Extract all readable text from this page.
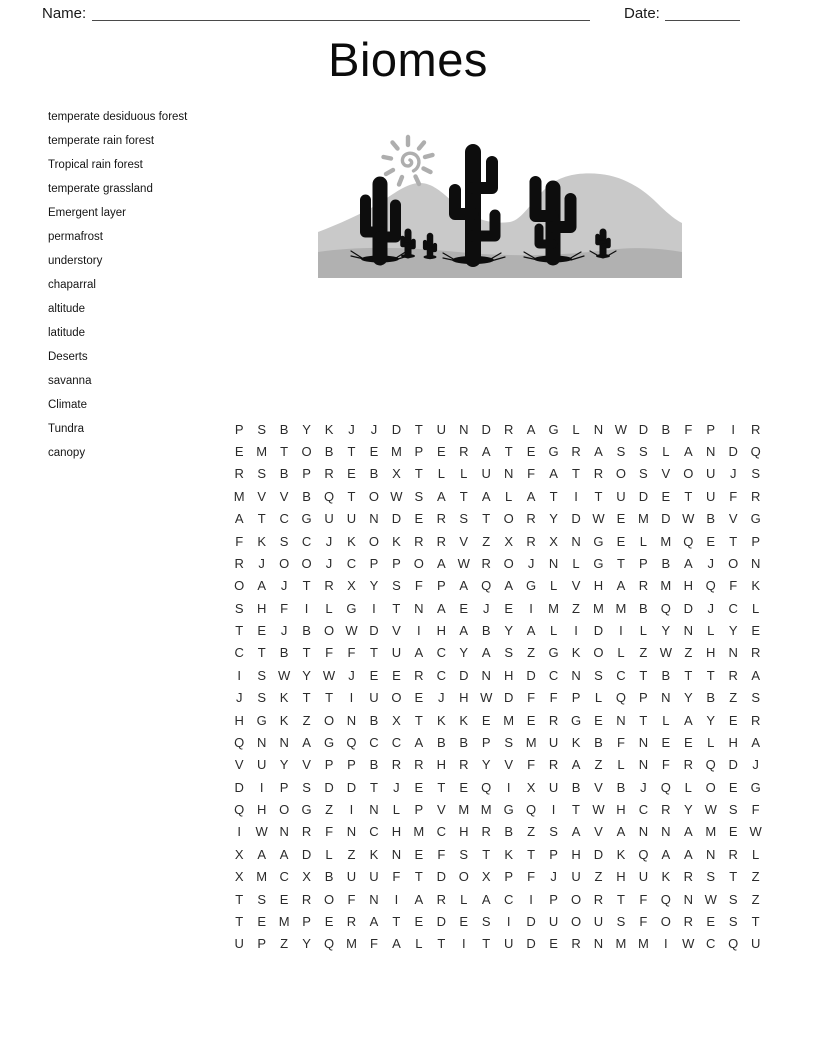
Name:	Date:
Biomes
temperate desiduous forest
temperate rain forest
Tropical rain forest
temperate grassland
Emergent layer
permafrost
understory
chaparral
altitude
latitude
Deserts
savanna
Climate
Tundra
canopy
P	S	B	Y	K	J	J	D	T	U	N	D	R	A	G	L	N W D	B	F	P	I	R
E M	T	O	B	T	E M P	E	R	A	T	E	G R	A	S	S	L	A	N	D Q
R	S	B	P	R	E	B	X	T	L	L	U	N	F	A	T	R O	S	V	O U	J	S
M V	V	B	Q	T	O W S	A	T	A	L	A	T	I	T	U	D	E	T	U	F	R
A	T	C G U	U	N	D	E	R	S	T	O R	Y	D W E M D W B	V	G
F	K	S	C	J	K	O	K	R	R	V	Z	X	R	X	N G	E	L	M Q	E	T	P
R	J	O O	J	C	P	P	O	A W R O	J	N	L	G	T	P	B	A	J	O N
O	A	J	T	R	X	Y	S	F	P	A	Q	A	G	L	V	H	A	R M H Q	F	K
S	H	F	I	L	G	I	T	N	A	E	J	E	I	M	Z	M M B	Q D	J	C	L
T	E	J	B	O W D	V	I	H	A	B	Y	A	L	I	D	I	L	Y	N	L	Y	E
C	T	B	T	F	F	T	U	A	C	Y	A	S	Z	G	K	O	L	Z W Z	H	N	R
I	S W Y W	J	E	E	R	C	D	N	H	D	C	N	S	C	T	B	T	T	R	A
J	S	K	T	T	I	U O	E	J	H W D	F	F	P	L	Q	P	N	Y	B	Z	S
H G	K	Z	O N	B	X	T	K	K	E M E	R G	E	N	T	L	A	Y	E	R
Q N	N	A	G Q C	C	A	B	B	P	S M U	K	B	F	N	E	E	L	H	A
V	U	Y	V	P	P	B	R	R	H	R	Y	V	F	R	A	Z	L	N	F	R Q D	J
D	I	P	S	D	D	T	J	E	T	E	Q	I	X	U	B	V	B	J	Q	L	O	E	G
Q H O G	Z	I	N	L	P	V M M G Q	I	T W H	C	R	Y W S	F
I	W N	R	F	N	C	H M C	H	R	B	Z	S	A	V	A	N	N	A M E W
X	A	A	D	L	Z	K	N	E	F	S	T	K	T	P	H	D	K	Q	A	A	N	R	L
X M C	X	B	U	U	F	T	D O	X	P	F	J	U	Z	H	U	K	R	S	T	Z
T	S	E	R O	F	N	I	A	R	L	A	C	I	P	O R	T	F	Q N W S	Z
T	E M P	E	R	A	T	E	D	E	S	I	D	U O U	S	F	O R	E	S	T
U	P	Z	Y	Q M	F	A	L	T	I	T	U	D	E	R	N M M	I	W C Q U
